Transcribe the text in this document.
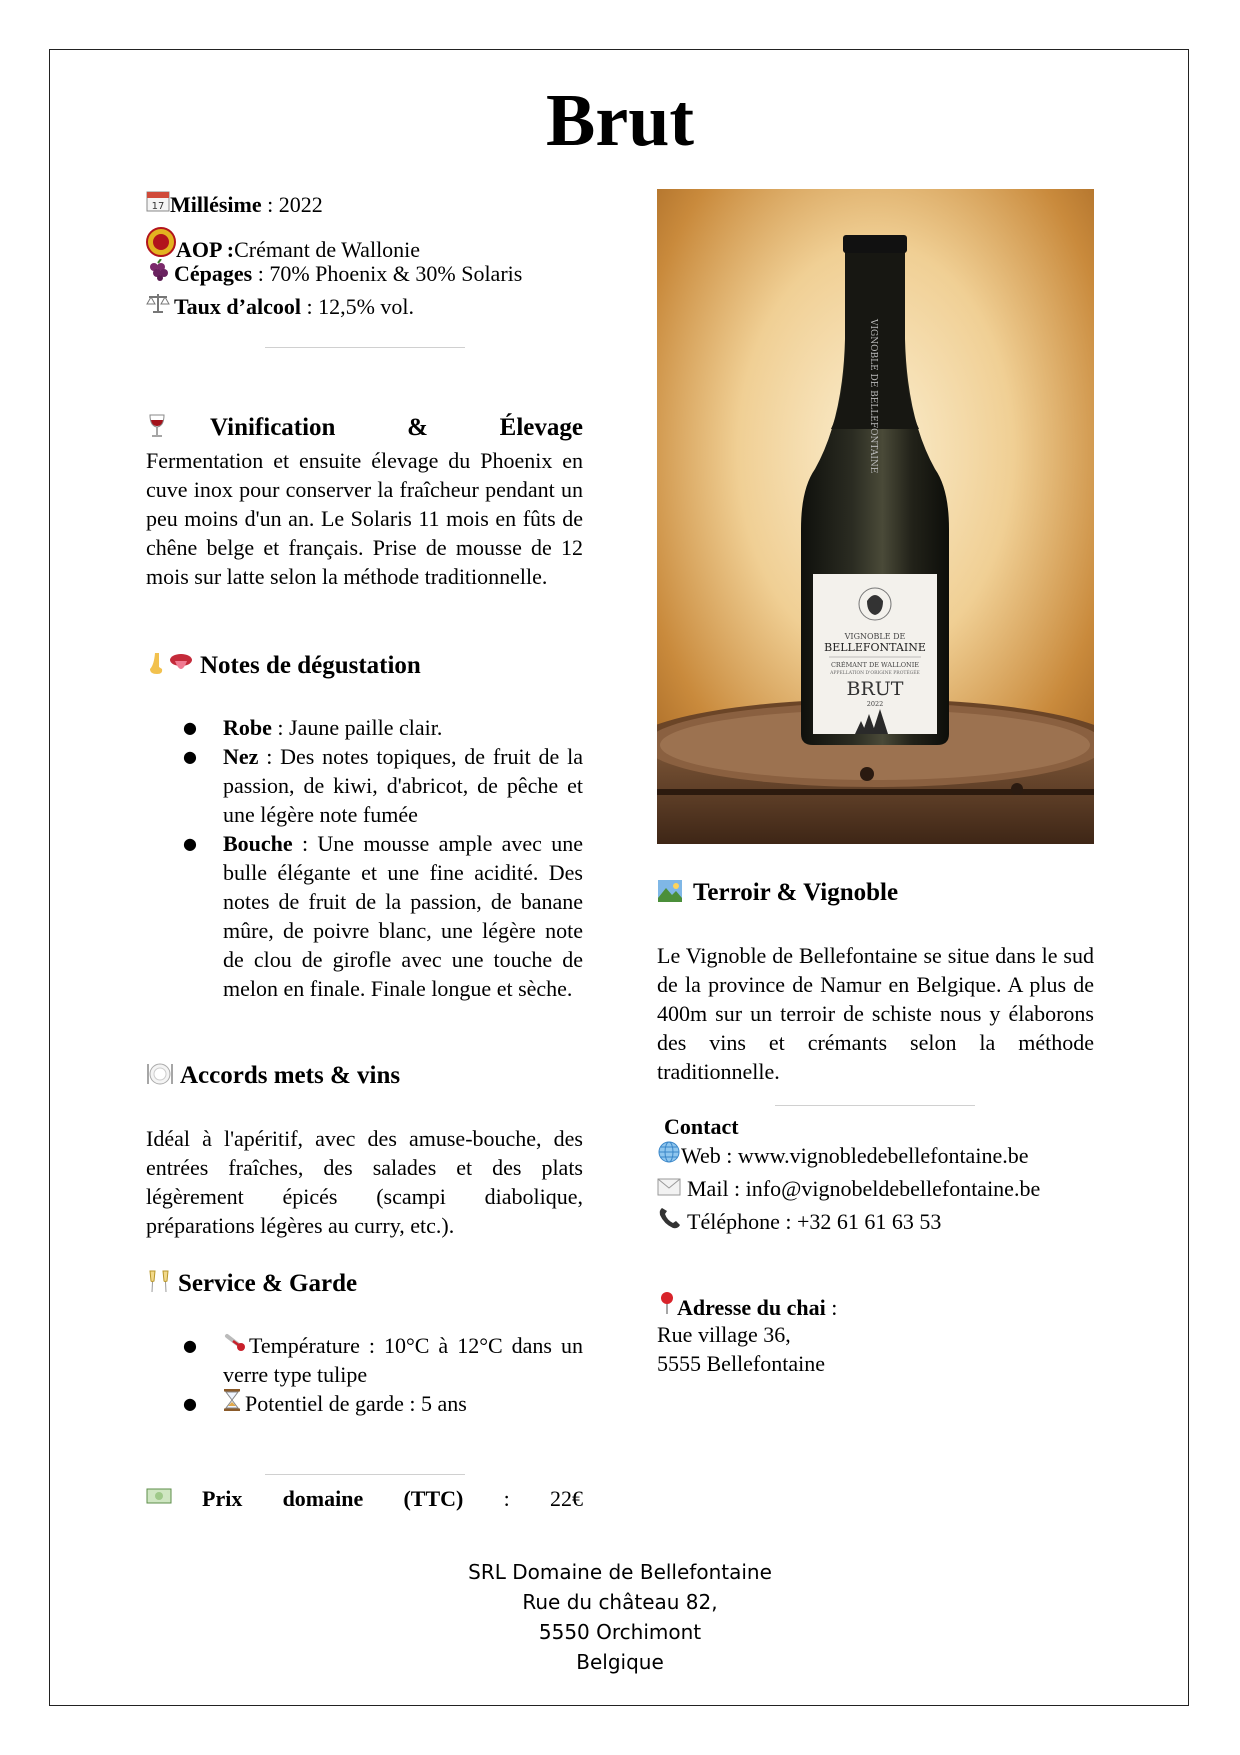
Brut
17 Millésime : 2022
AOP :Crémant de Wallonie
Cépages : 70% Phoenix & 30% Solaris
Taux d’alcool : 12,5% vol.
Vinification & Élevage
Fermentation et ensuite élevage du Phoenix en cuve inox pour conserver la fraîcheur pendant un peu moins d'un an. Le Solaris 11 mois en fûts de chêne belge et français. Prise de mousse de 12 mois sur latte selon la méthode traditionnelle.
Notes de dégustation
● Robe : Jaune paille clair.
● Nez : Des notes topiques, de fruit de la passion, de kiwi, d'abricot, de pêche et une légère note fumée
● Bouche : Une mousse ample avec une bulle élégante et une fine acidité. Des notes de fruit de la passion, de banane mûre, de poivre blanc, une légère note de clou de girofle avec une touche de melon en finale. Finale longue et sèche.
Accords mets & vins
Idéal à l'apéritif, avec des amuse-bouche, des entrées fraîches, des salades et des plats légèrement épicés (scampi diabolique, préparations légères au curry, etc.).
Service & Garde
● Température : 10°C à 12°C dans un verre type tulipe
● Potentiel de garde : 5 ans
Prix domaine (TTC) : 22€
VIGNOBLE DE BELLEFONTAINE
VIGNOBLE DE
BELLEFONTAINE
CRÉMANT DE WALLONIE
APPELLATION D'ORIGINE PROTÉGÉE
BRUT
2022
Terroir & Vignoble
Le Vignoble de Bellefontaine se situe dans le sud de la province de Namur en Belgique. A plus de 400m sur un terroir de schiste nous y élaborons des vins et crémants selon la méthode traditionnelle.
Contact
Web : www.vignobledebellefontaine.be
Mail : info@vignobeldebellefontaine.be
Téléphone : +32 61 61 63 53
Adresse du chai :
Rue village 36,
5555 Bellefontaine
SRL Domaine de Bellefontaine
Rue du château 82,
5550 Orchimont
Belgique
